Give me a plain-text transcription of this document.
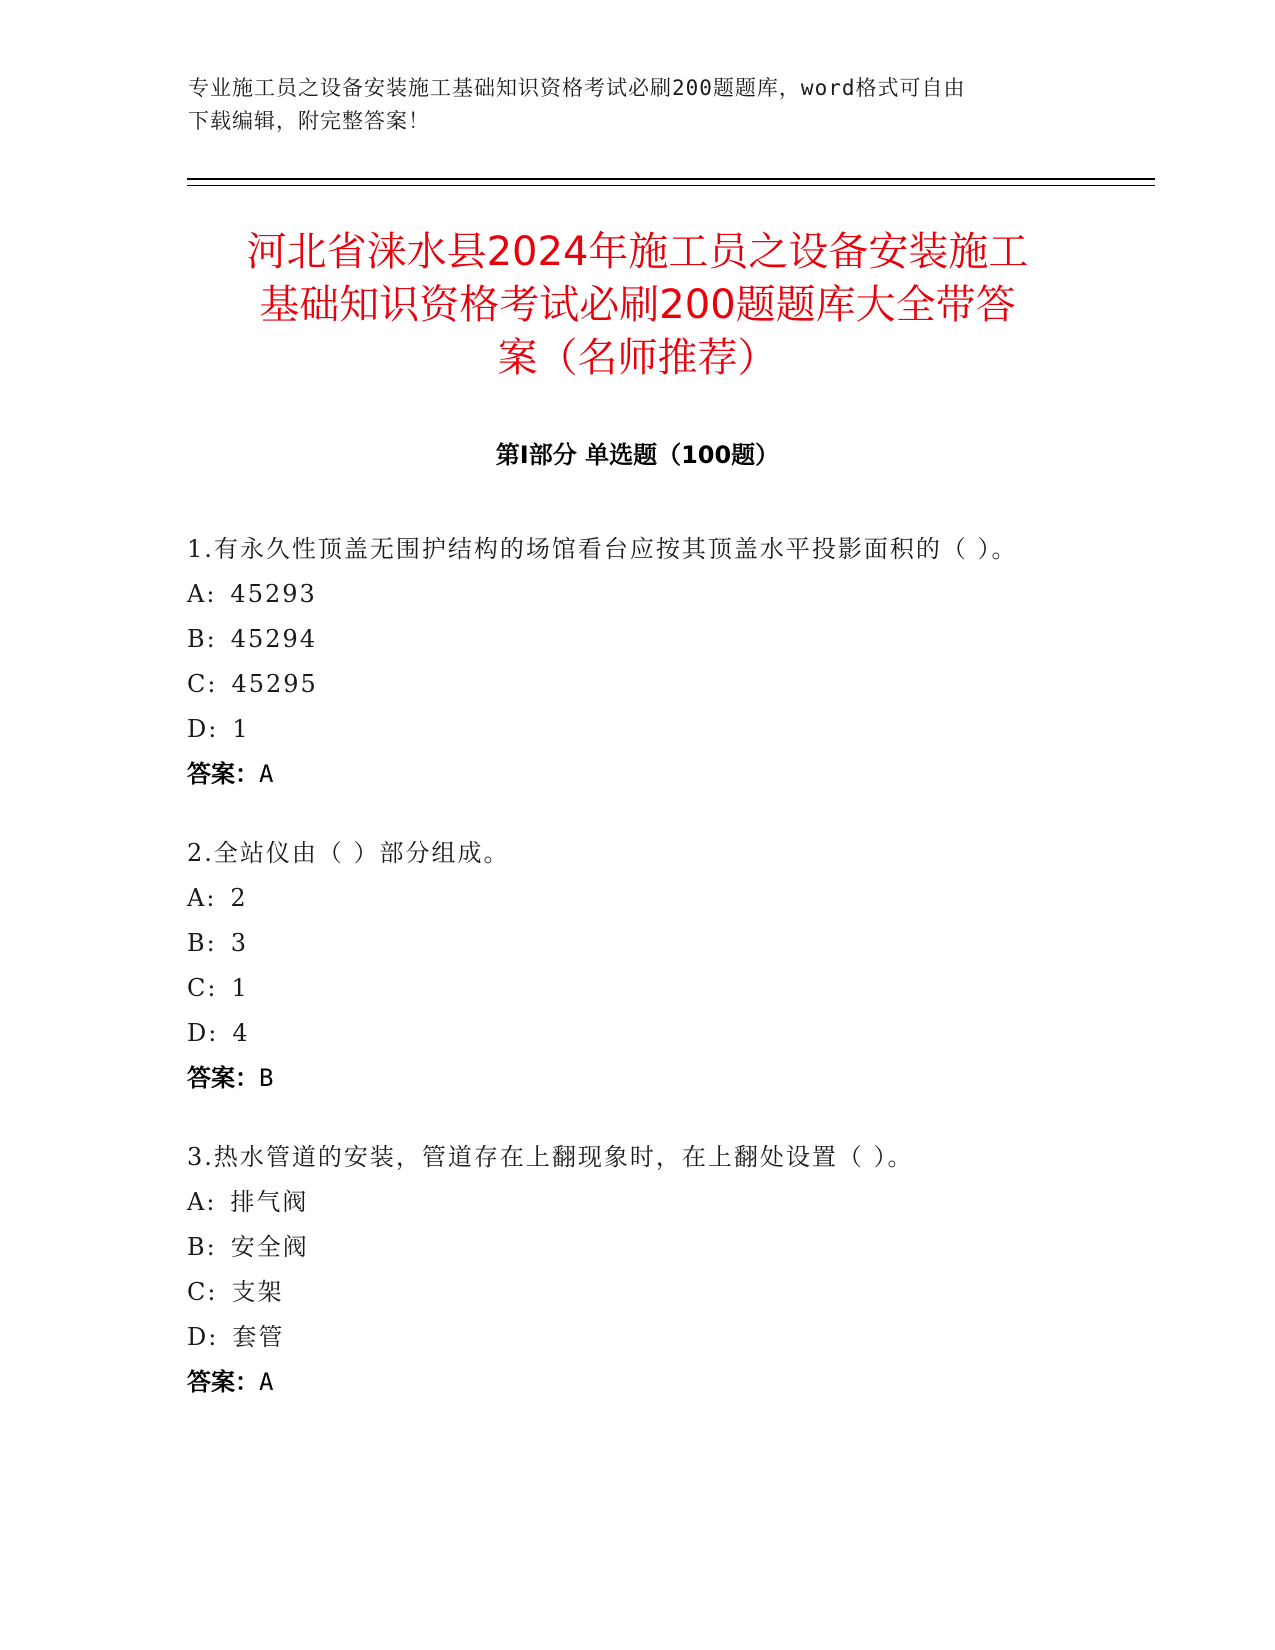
专业施工员之设备安装施工基础知识资格考试必刷200题题库，word格式可自由
下载编辑，附完整答案！
河北省涞水县2024年施工员之设备安装施工
基础知识资格考试必刷200题题库大全带答
案（名师推荐）
第Ⅰ部分 单选题（100题）

1.有永久性顶盖无围护结构的场馆看台应按其顶盖水平投影面积的（ ）。

A: 45293

B: 45294

C: 45295

D: 1

答案：A

2.全站仪由（ ）部分组成。

A: 2

B: 3

C: 1

D: 4

答案：B

3.热水管道的安装，管道存在上翻现象时，在上翻处设置（ ）。

A: 排气阀

B: 安全阀

C: 支架

D: 套管

答案：A
